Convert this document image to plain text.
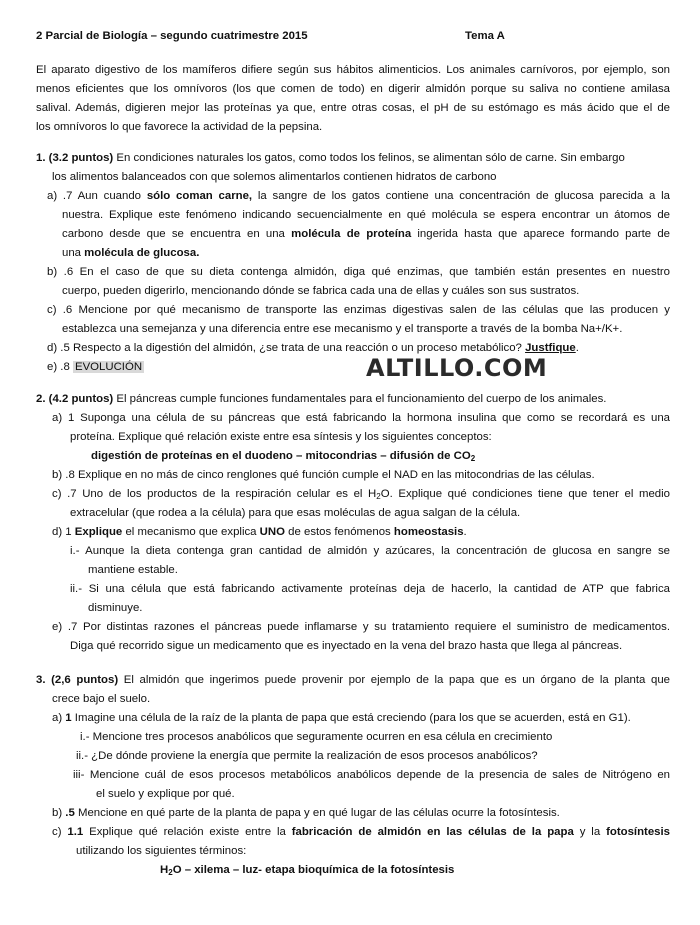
2 Parcial de Biología – segundo cuatrimestre 2015	Tema A
El aparato digestivo de los mamíferos difiere según sus hábitos alimenticios. Los animales carnívoros, por ejemplo, son
menos eficientes que los omnívoros (los que comen de todo) en digerir almidón porque su saliva no contiene amilasa
salival. Además, digieren mejor las proteínas ya que, entre otras cosas, el pH de su estómago es más ácido que el de
los omnívoros lo que favorece la actividad de la pepsina.
1. (3.2 puntos) En condiciones naturales los gatos, como todos los felinos, se alimentan sólo de carne. Sin embargo
los alimentos balanceados con que solemos alimentarlos contienen hidratos de carbono
a) .7 Aun cuando sólo coman carne, la sangre de los gatos contiene una concentración de glucosa parecida a la
nuestra. Explique este fenómeno indicando secuencialmente en qué molécula se espera encontrar un átomos de
carbono desde que se encuentra en una molécula de proteína ingerida hasta que aparece formando parte de
una molécula de glucosa.
b) .6 En el caso de que su dieta contenga almidón, diga qué enzimas, que también están presentes en nuestro
cuerpo, pueden digerirlo, mencionando dónde se fabrica cada una de ellas y cuáles son sus sustratos.
c) .6 Mencione por qué mecanismo de transporte las enzimas digestivas salen de las células que las producen y
establezca una semejanza y una diferencia entre ese mecanismo y el transporte a través de la bomba Na+/K+.
d) .5 Respecto a la digestión del almidón, ¿se trata de una reacción o un proceso metabólico? Justfique.
e) .8 EVOLUCIÓN	ALTILLO.COM
2. (4.2 puntos) El páncreas cumple funciones fundamentales para el funcionamiento del cuerpo de los animales.
a) 1 Suponga una célula de su páncreas que está fabricando la hormona insulina que como se recordará es una
proteína. Explique qué relación existe entre esa síntesis y los siguientes conceptos:
digestión de proteínas en el duodeno – mitocondrias – difusión de $CO_2$
b) .8 Explique en no más de cinco renglones qué función cumple el NAD en las mitocondrias de las células.
c) .7 Uno de los productos de la respiración celular es el $H_2O$. Explique qué condiciones tiene que tener el medio
extracelular (que rodea a la célula) para que esas moléculas de agua salgan de la célula.
d) 1 Explique el mecanismo que explica UNO de estos fenómenos homeostasis.
i.- Aunque la dieta contenga gran cantidad de almidón y azúcares, la concentración de glucosa en sangre se
mantiene estable.
ii.- Si una célula que está fabricando activamente proteínas deja de hacerlo, la cantidad de ATP que fabrica
disminuye.
e) .7 Por distintas razones el páncreas puede inflamarse y su tratamiento requiere el suministro de medicamentos.
Diga qué recorrido sigue un medicamento que es inyectado en la vena del brazo hasta que llega al páncreas.
3. (2,6 puntos) El almidón que ingerimos puede provenir por ejemplo de la papa que es un órgano de la planta que
crece bajo el suelo.
a) 1 Imagine una célula de la raíz de la planta de papa que está creciendo (para los que se acuerden, está en G1).
i.- Mencione tres procesos anabólicos que seguramente ocurren en esa célula en crecimiento
ii.- ¿De dónde proviene la energía que permite la realización de esos procesos anabólicos?
iii- Mencione cuál de esos procesos metabólicos anabólicos depende de la presencia de sales de Nitrógeno en
el suelo y explique por qué.
b) .5 Mencione en qué parte de la planta de papa y en qué lugar de las células ocurre la fotosíntesis.
c) 1.1 Explique qué relación existe entre la fabricación de almidón en las células de la papa y la fotosíntesis
utilizando los siguientes términos:
$H_2O$ – xilema – luz- etapa bioquímica de la fotosíntesis
